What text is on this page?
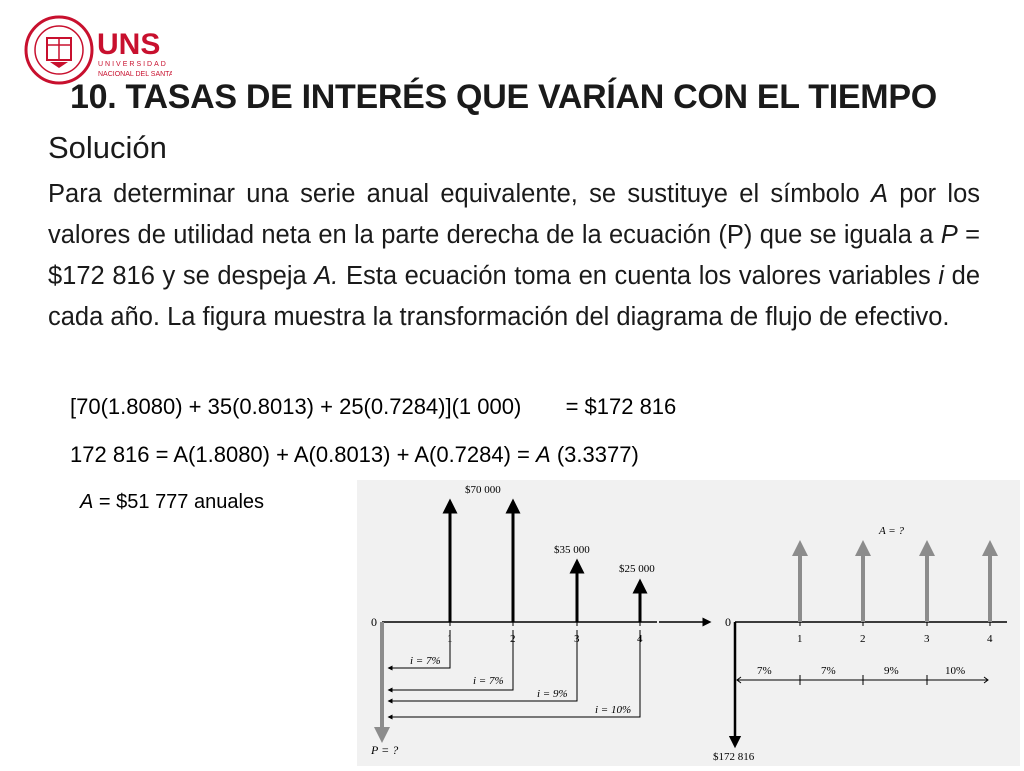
UNS
UNIVERSIDAD
NACIONAL DEL SANTA
10. TASAS DE INTERÉS QUE VARÍAN CON EL TIEMPO
Solución
Para determinar una serie anual equivalente, se sustituye el símbolo A por los valores de utilidad neta en la parte derecha de la ecuación (P) que se iguala a P = $172 816 y se despeja A. Esta ecuación toma en cuenta los valores variables i de cada año. La figura muestra la transformación del diagrama de flujo de efectivo.
[70(1.8080) + 35(0.8013) + 25(0.7284)](1 000) = $172 816
172 816 = A(1.8080) + A(0.8013) + A(0.7284) = A (3.3377)
A = $51 777 anuales
0
1	2	3	4
$70 000
$35 000
$25 000
P = ?
i = 7%
i = 7%
i = 9%
i = 10%
0
1	2	3	4
A = ?
$172 816
7%	7%	9%	10%
